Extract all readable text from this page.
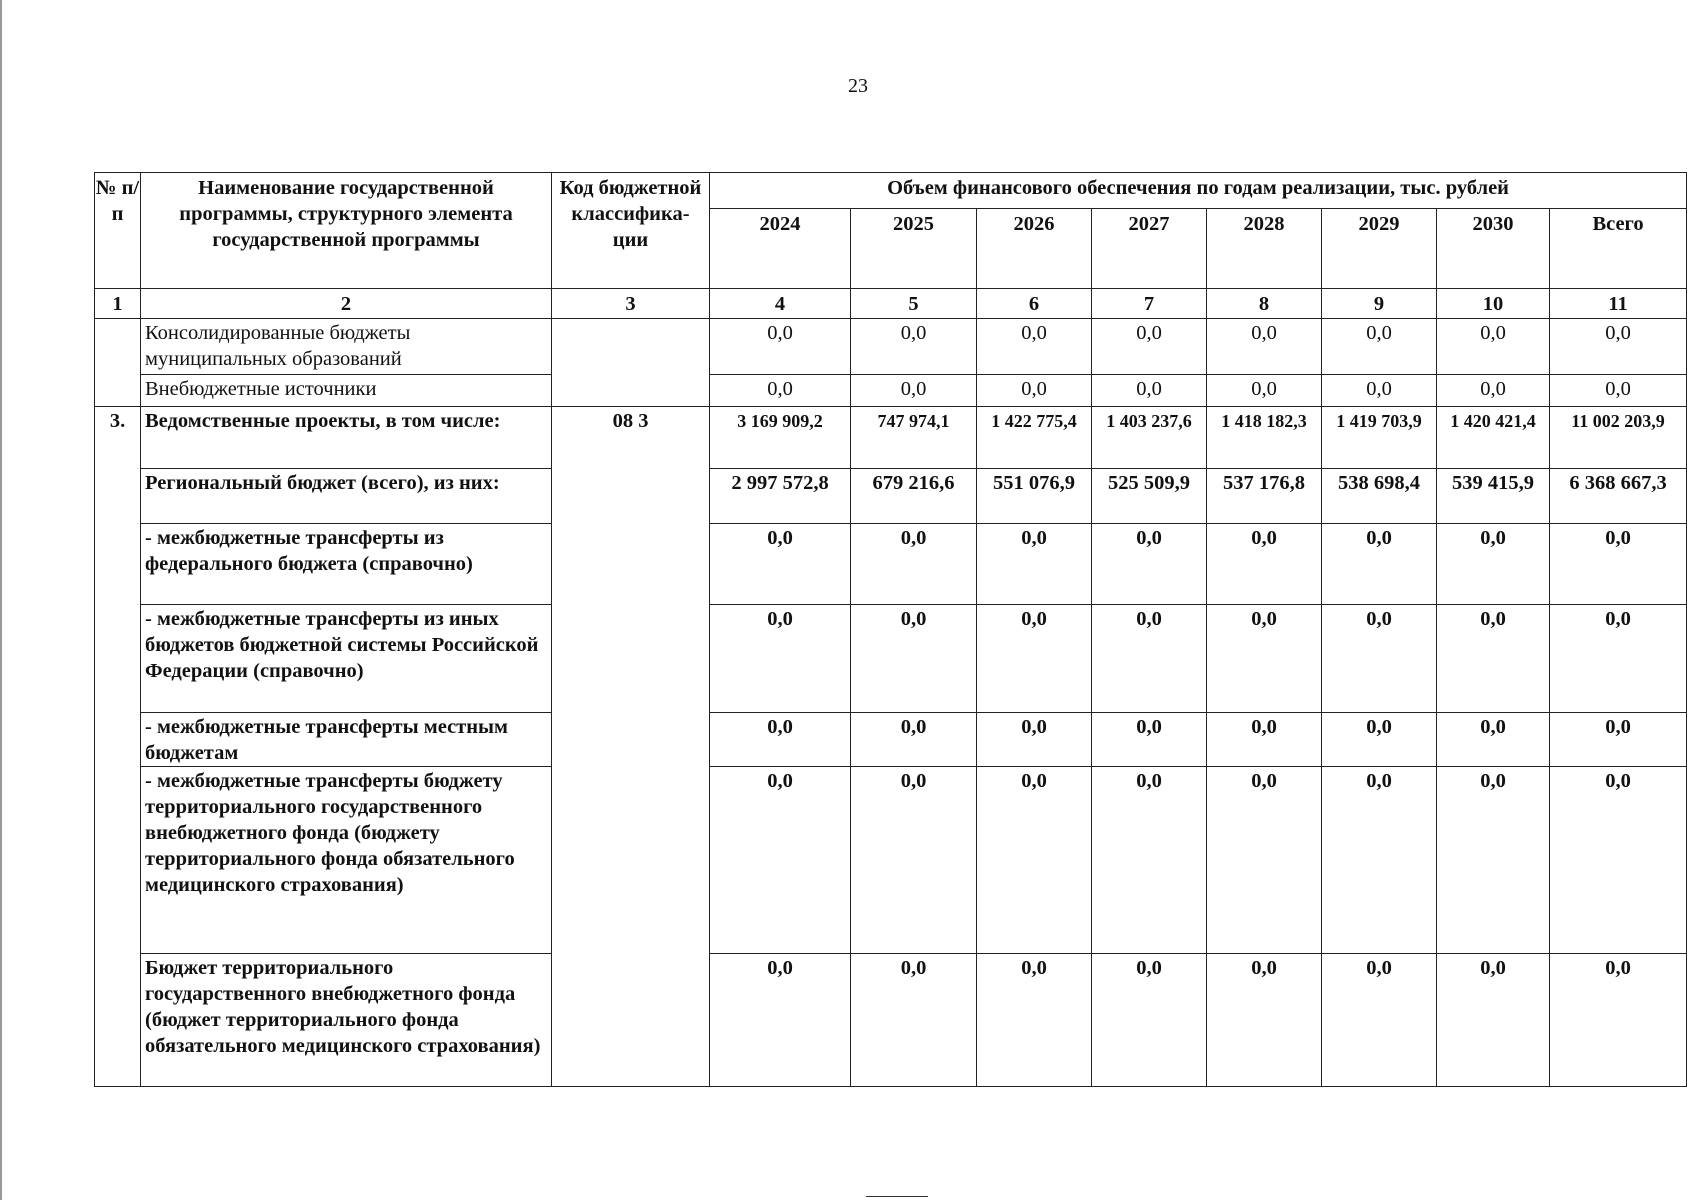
23
№ п/п	Наименование государственной программы, структурного элемента государственной программы	Код бюджетной классифика-ции	Объем финансового обеспечения по годам реализации, тыс. рублей							
			2024	2025	2026	2027	2028	2029	2030	Всего
1	2	3	4	5	6	7	8	9	10	11
	Консолидированные бюджеты муниципальных образований		0,0	0,0	0,0	0,0	0,0	0,0	0,0	0,0
	Внебюджетные источники		0,0	0,0	0,0	0,0	0,0	0,0	0,0	0,0
3.	Ведомственные проекты, в том числе:	08 3	3 169 909,2	747 974,1	1 422 775,4	1 403 237,6	1 418 182,3	1 419 703,9	1 420 421,4	11 002 203,9
	Региональный бюджет (всего), из них:		2 997 572,8	679 216,6	551 076,9	525 509,9	537 176,8	538 698,4	539 415,9	6 368 667,3
	- межбюджетные трансферты из федерального бюджета (справочно)		0,0	0,0	0,0	0,0	0,0	0,0	0,0	0,0
	- межбюджетные трансферты из иных бюджетов бюджетной системы Российской Федерации (справочно)		0,0	0,0	0,0	0,0	0,0	0,0	0,0	0,0
	- межбюджетные трансферты местным бюджетам		0,0	0,0	0,0	0,0	0,0	0,0	0,0	0,0
	- межбюджетные трансферты бюджету территориального государственного внебюджетного фонда (бюджету территориального фонда обязательного медицинского страхования)		0,0	0,0	0,0	0,0	0,0	0,0	0,0	0,0
	Бюджет территориального государственного внебюджетного фонда (бюджет территориального фонда обязательного медицинского страхования)		0,0	0,0	0,0	0,0	0,0	0,0	0,0	0,0
